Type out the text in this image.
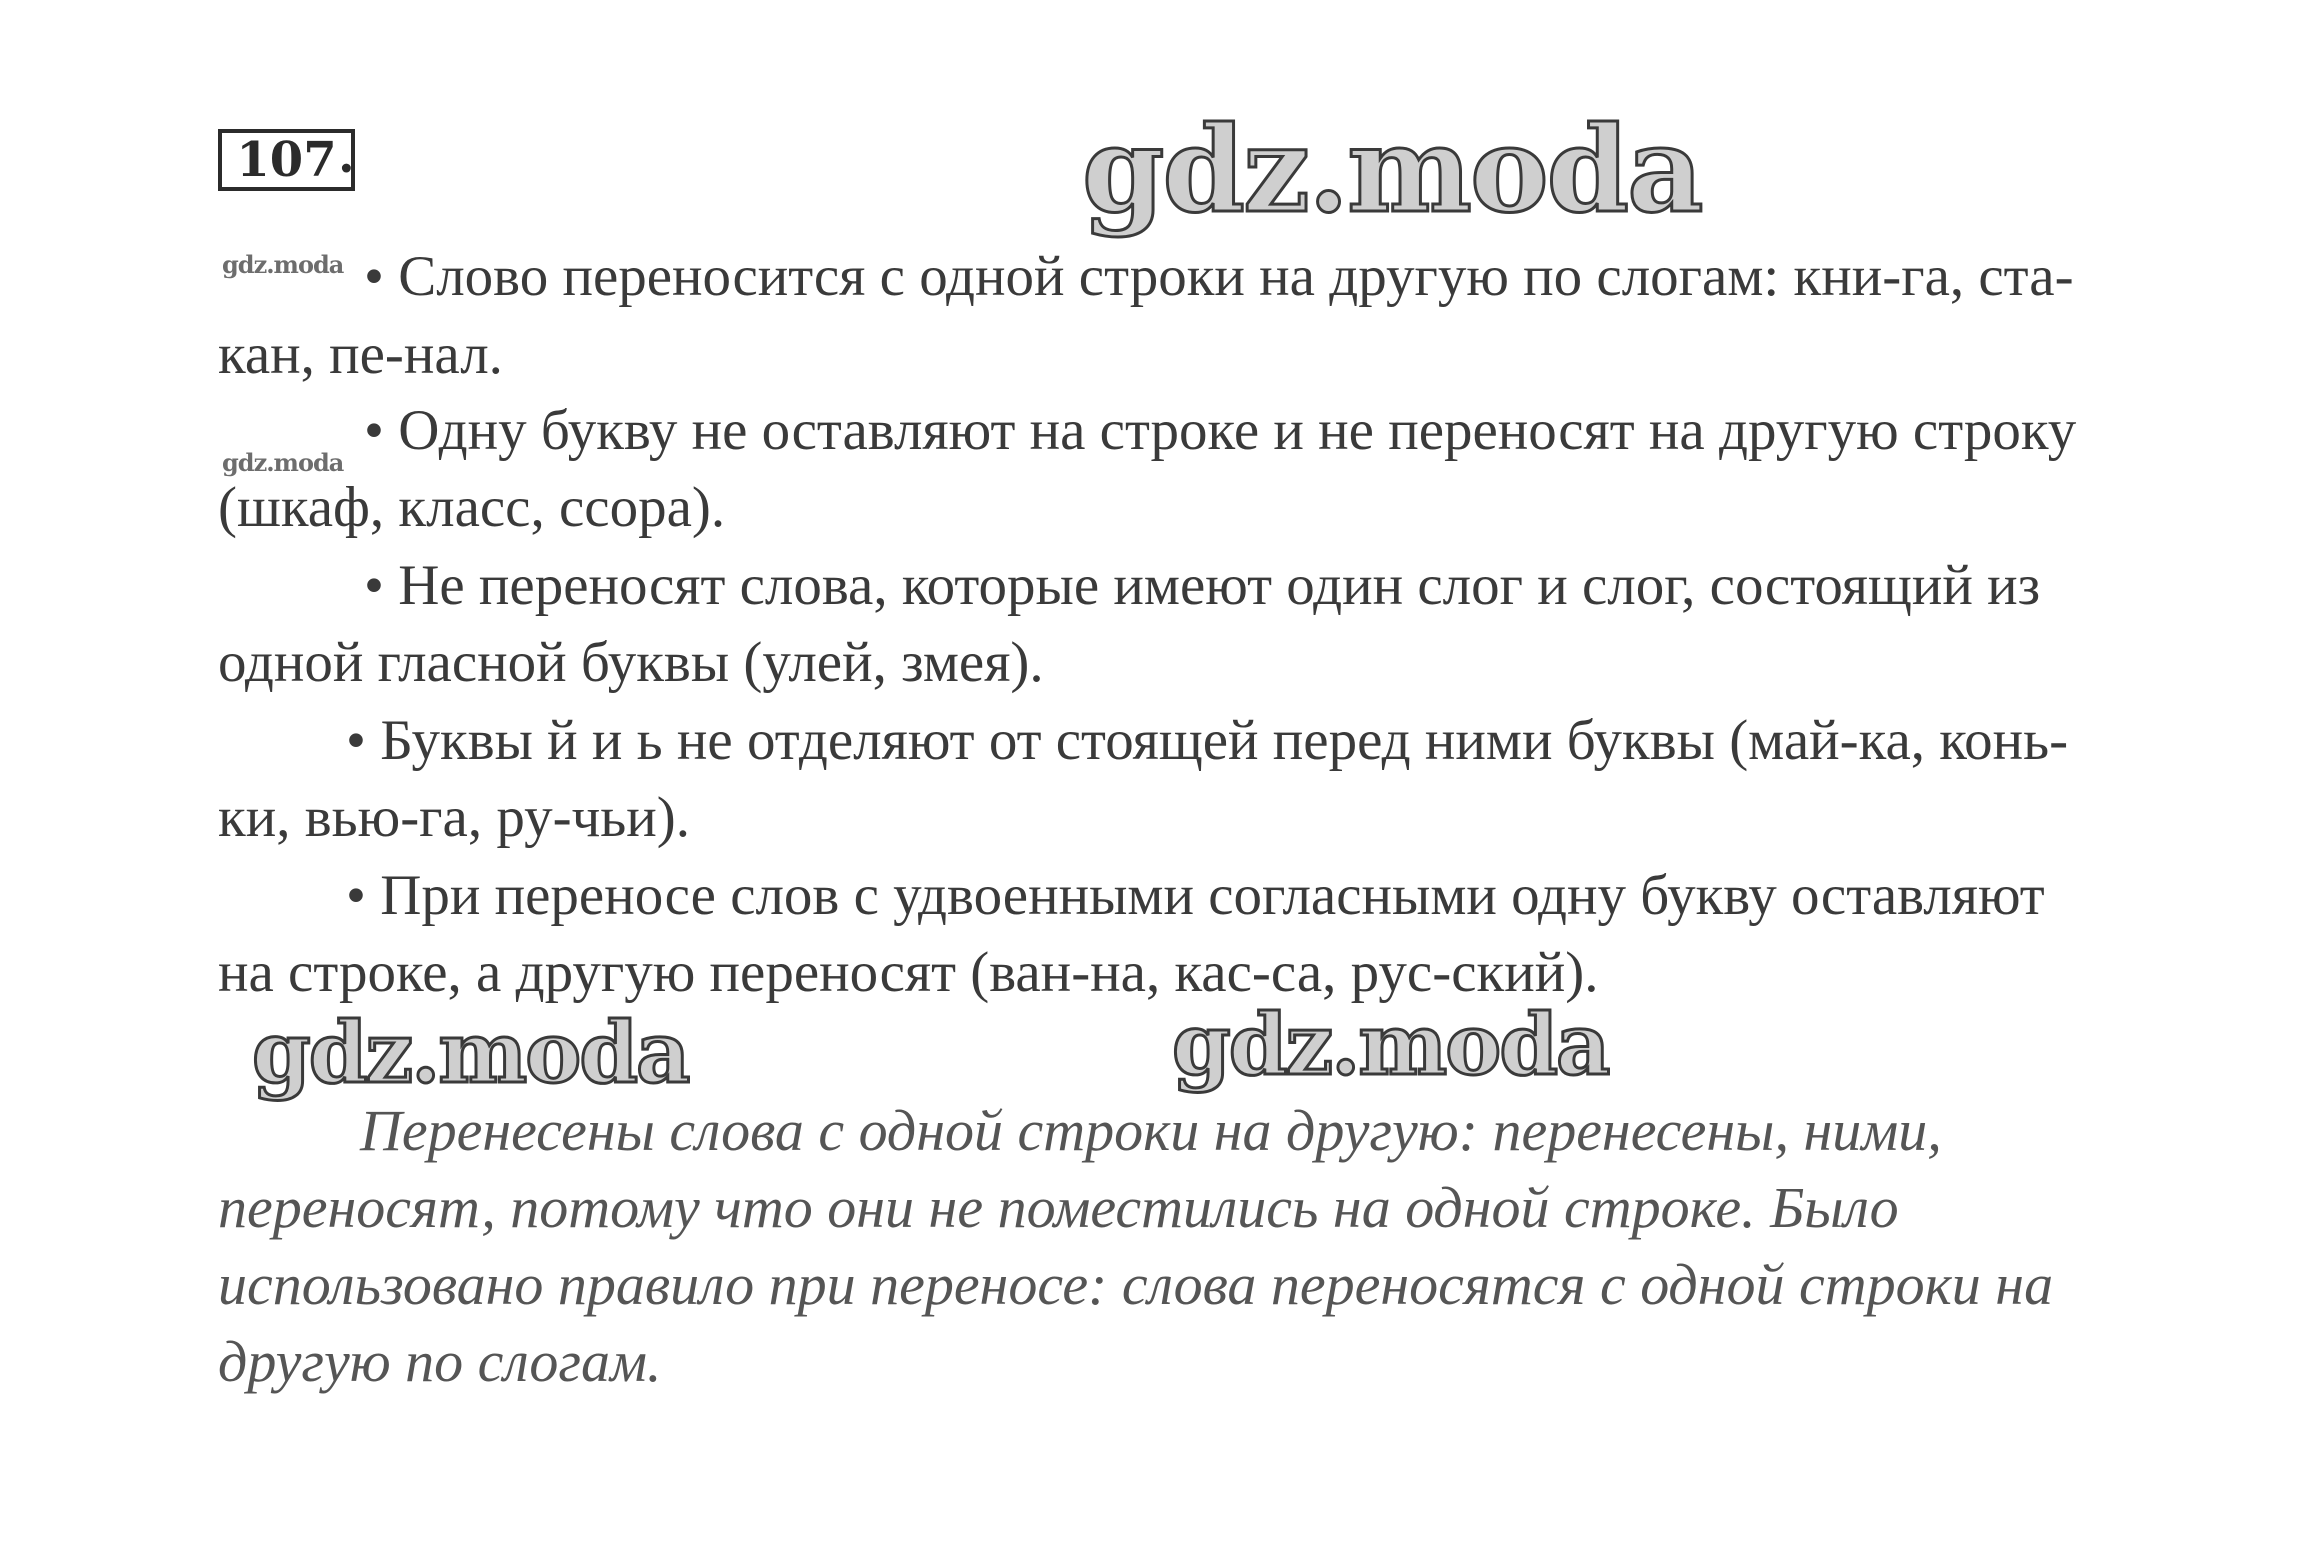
107 .	gdz.moda
gdz.moda
gdz.moda
• Слово переносится с одной строки на другую по слогам: кни-га, ста-
кан, пе-нал.
• Одну букву не оставляют на строке и не переносят на другую строку
(шкаф, класс, ссора).
• Не переносят слова, которые имеют один слог и слог, состоящий из
одной гласной буквы (улей, змея).
• Буквы й и ь не отделяют от стоящей перед ними буквы (май-ка, конь-
ки, вью-га, ру-чьи).
• При переносе слов с удвоенными согласными одну букву оставляют
на строке, а другую переносят (ван-на, кас-са, рус-ский).
gdz.moda	gdz.moda
Перенесены слова с одной строки на другую: перенесены, ними,
переносят, потому что они не поместились на одной строке. Было
использовано правило при переносе: слова переносятся с одной строки на
другую по слогам.
